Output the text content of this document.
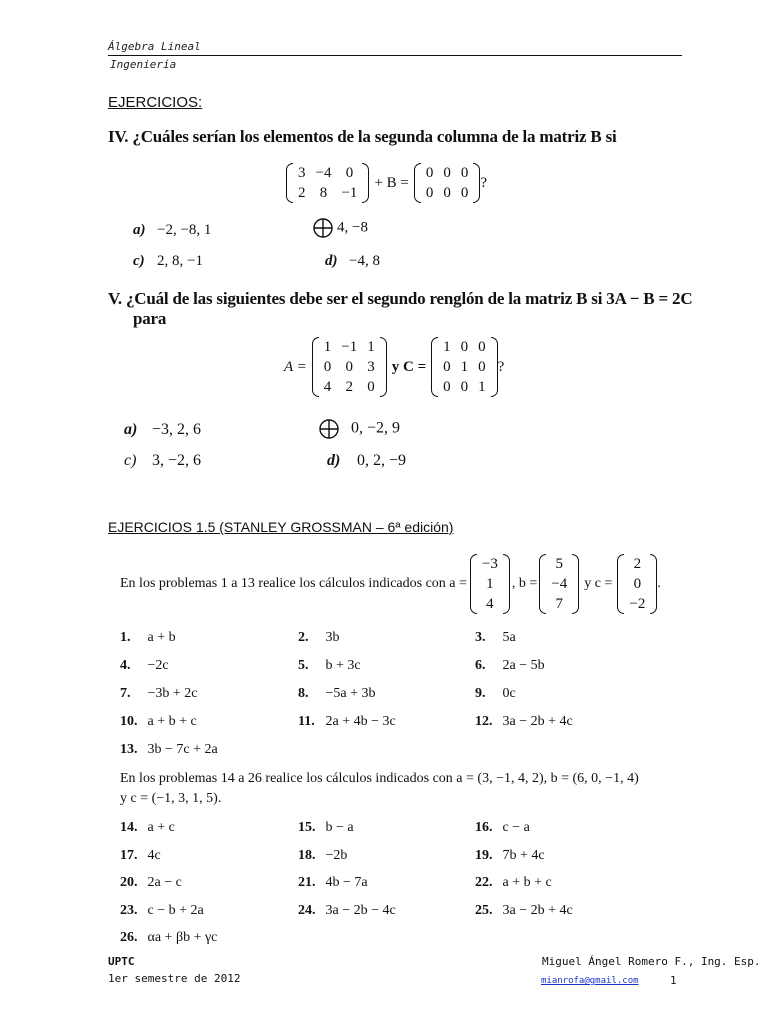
Álgebra Lineal
Ingeniería
EJERCICIOS:
IV. ¿Cuáles serían los elementos de la segunda columna de la matriz B si
3	−4	0
2	8	−1
+ B =
0	0	0
0	0	0
?
a) −2, −8, 1	4, −8
c) 2, 8, −1	d) −4, 8
V. ¿Cuál de las siguientes debe ser el segundo renglón de la matriz B si 3A − B = 2C
para
A =
1	−1	1
0	0	3
4	2	0
y C =
1	0	0
0	1	0
0	0	1
?
a) −3, 2, 6	0, −2, 9
c) 3, −2, 6	d) 0, 2, −9
EJERCICIOS 1.5 (STANLEY GROSSMAN – 6ª edición)
En los problemas 1 a 13 realice los cálculos indicados con a =
−3
1
4
, b =
5
−4
7
y c =
2
0
−2
.
1. a + b	2. 3b	3. 5a
4. −2c	5. b + 3c	6. 2a − 5b
7. −3b + 2c	8. −5a + 3b	9. 0c
10. a + b + c	11. 2a + 4b − 3c	12. 3a − 2b + 4c
13. 3b − 7c + 2a
En los problemas 14 a 26 realice los cálculos indicados con a = (3, −1, 4, 2), b = (6, 0, −1, 4)
y c = (−1, 3, 1, 5).
14. a + c	15. b − a	16. c − a
17. 4c	18. −2b	19. 7b + 4c
20. 2a − c	21. 4b − 7a	22. a + b + c
23. c − b + 2a	24. 3a − 2b − 4c	25. 3a − 2b + 4c
26. αa + βb + γc
UPTC
1er semestre de 2012
Miguel Ángel Romero F., Ing. Esp.
mianrofa@gmail.com	1
